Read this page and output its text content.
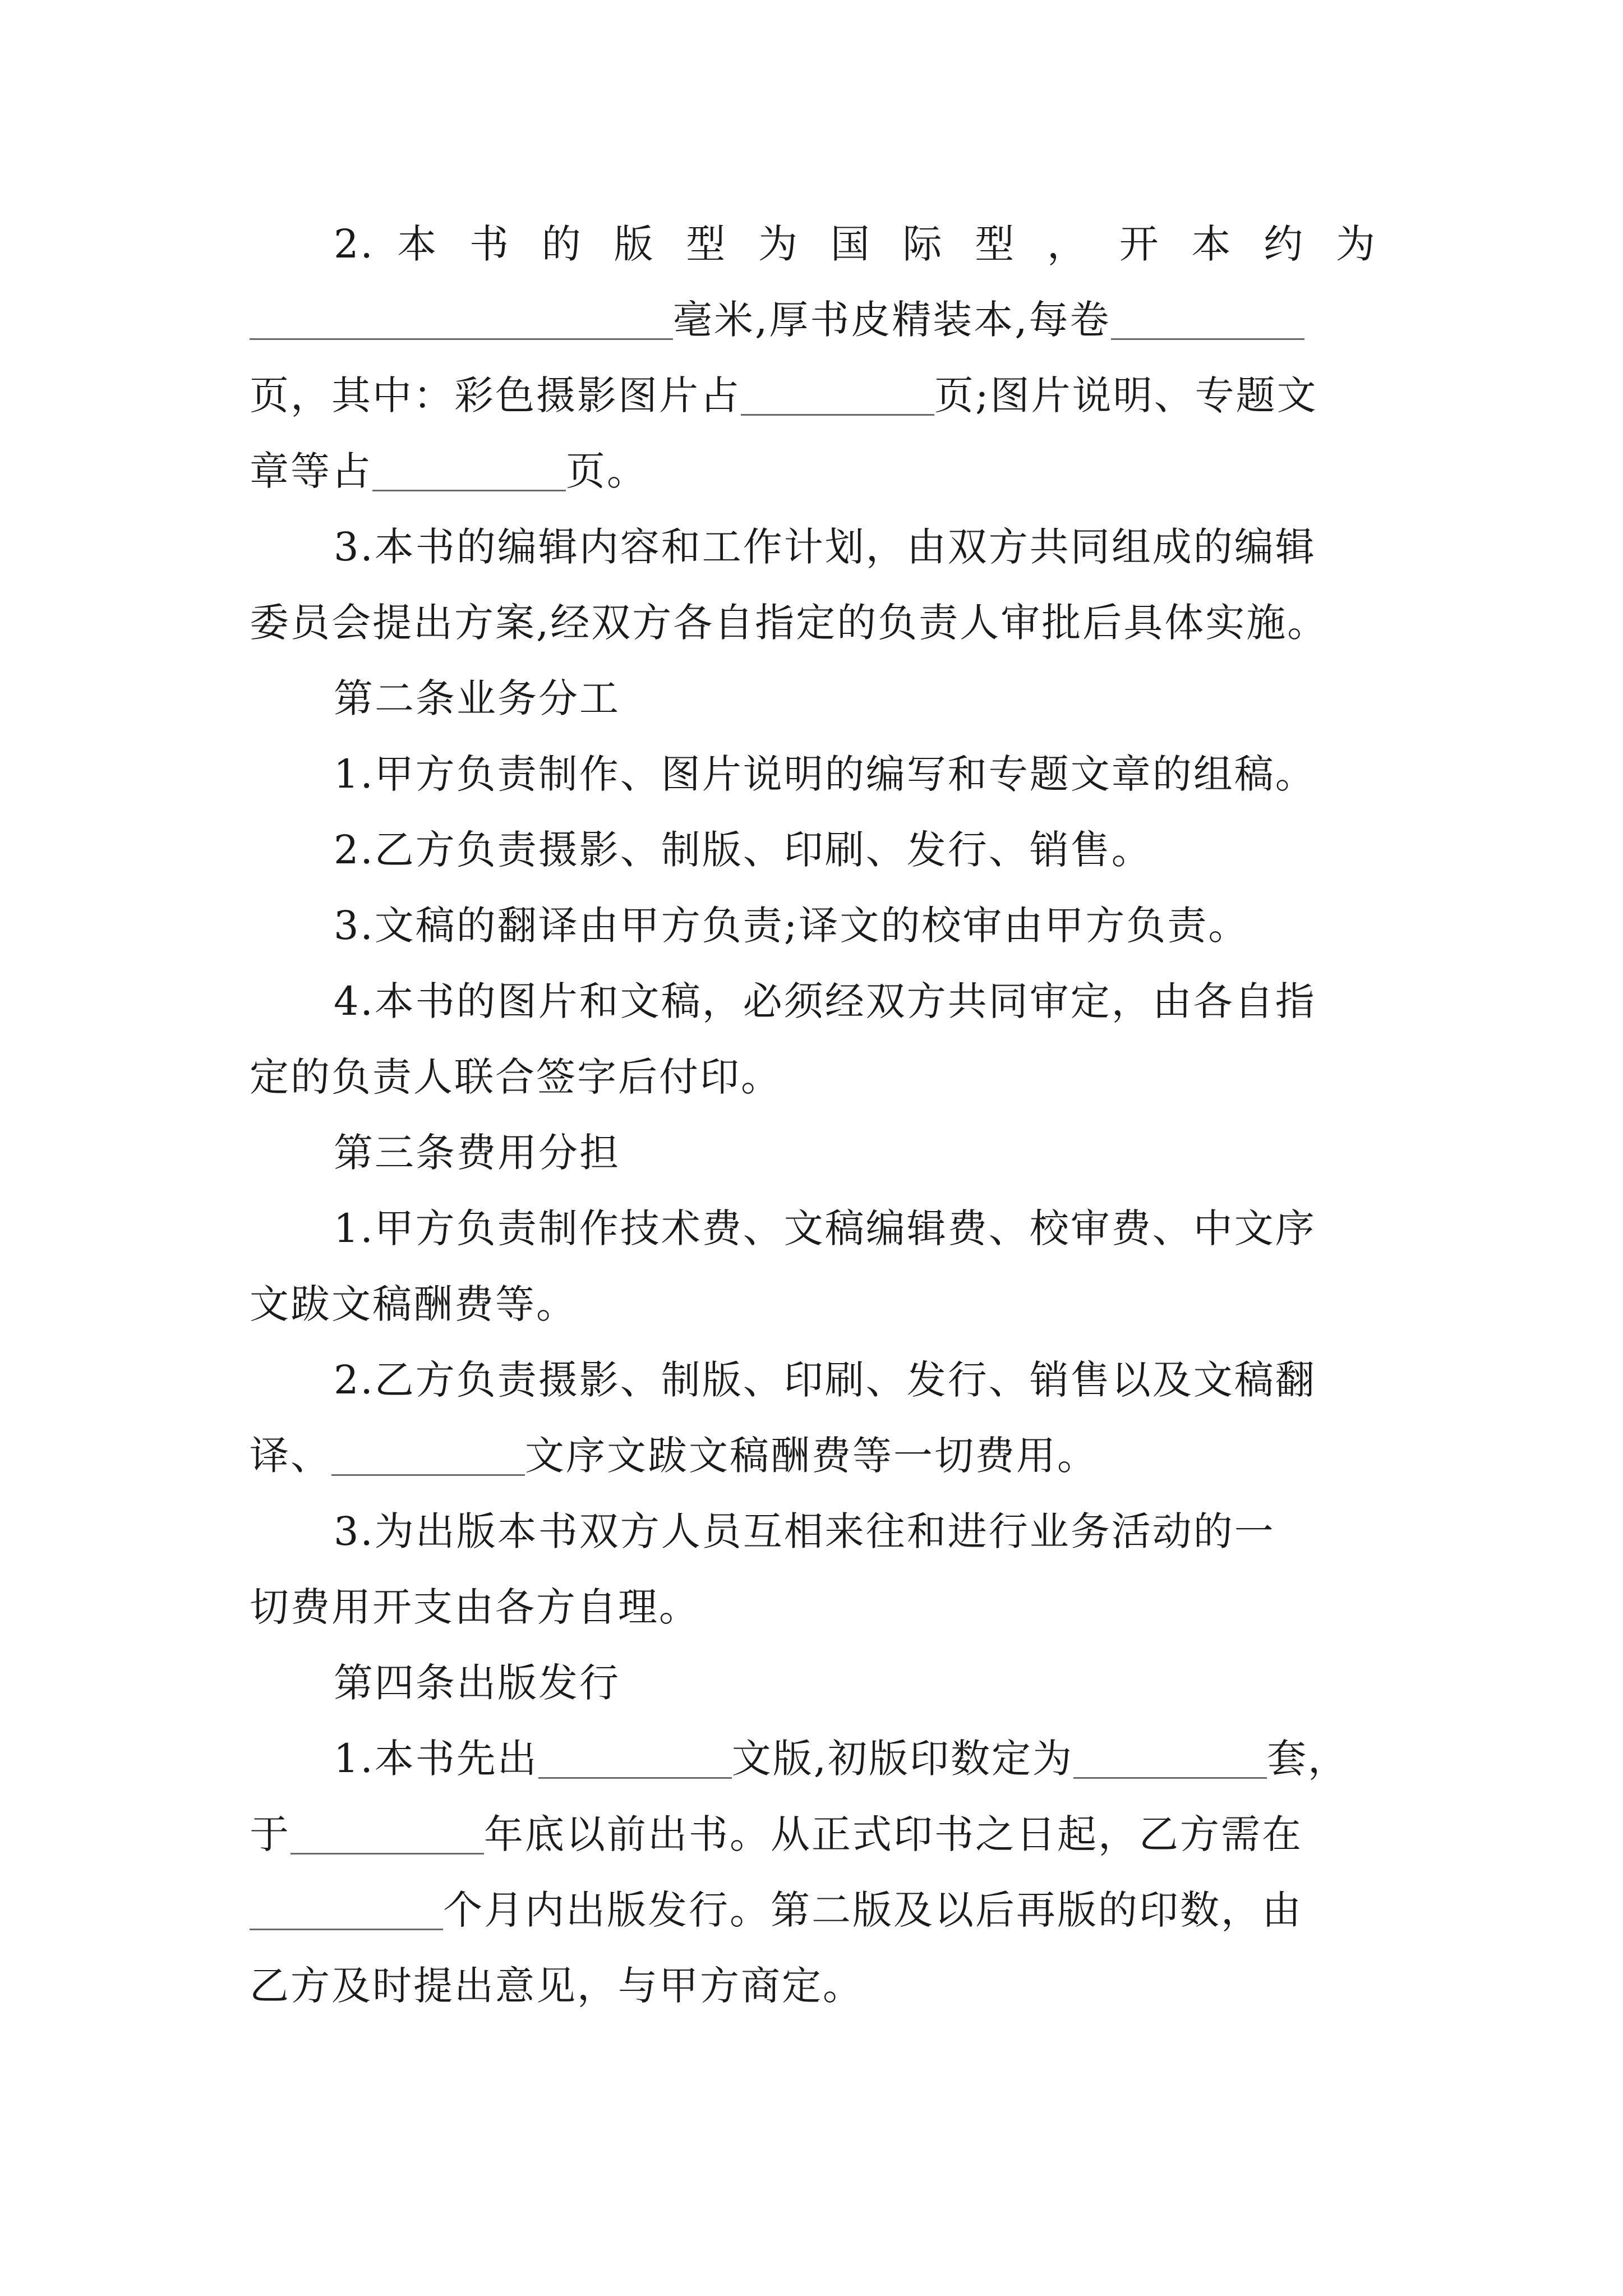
2. 本 书 的 版 型 为 国 际 型 ， 开 本 约 为
毫米,厚书皮精装本,每卷
页，其中：彩色摄影图片占	页;图片说明、专题文
章等占	页。
3.本书的编辑内容和工作计划，由双方共同组成的编辑
委员会提出方案,经双方各自指定的负责人审批后具体实施。
第二条业务分工
1.甲方负责制作、图片说明的编写和专题文章的组稿。
2.乙方负责摄影、制版、印刷、发行、销售。
3.文稿的翻译由甲方负责;译文的校审由甲方负责。
4.本书的图片和文稿，必须经双方共同审定，由各自指
定的负责人联合签字后付印。
第三条费用分担
1.甲方负责制作技术费、文稿编辑费、校审费、中文序
文跋文稿酬费等。
2.乙方负责摄影、制版、印刷、发行、销售以及文稿翻
译、	文序文跋文稿酬费等一切费用。
3.为出版本书双方人员互相来往和进行业务活动的一
切费用开支由各方自理。
第四条出版发行
1.本书先出	文版,初版印数定为	套，
于	年底以前出书。从正式印书之日起，乙方需在
个月内出版发行。第二版及以后再版的印数，由
乙方及时提出意见，与甲方商定。
